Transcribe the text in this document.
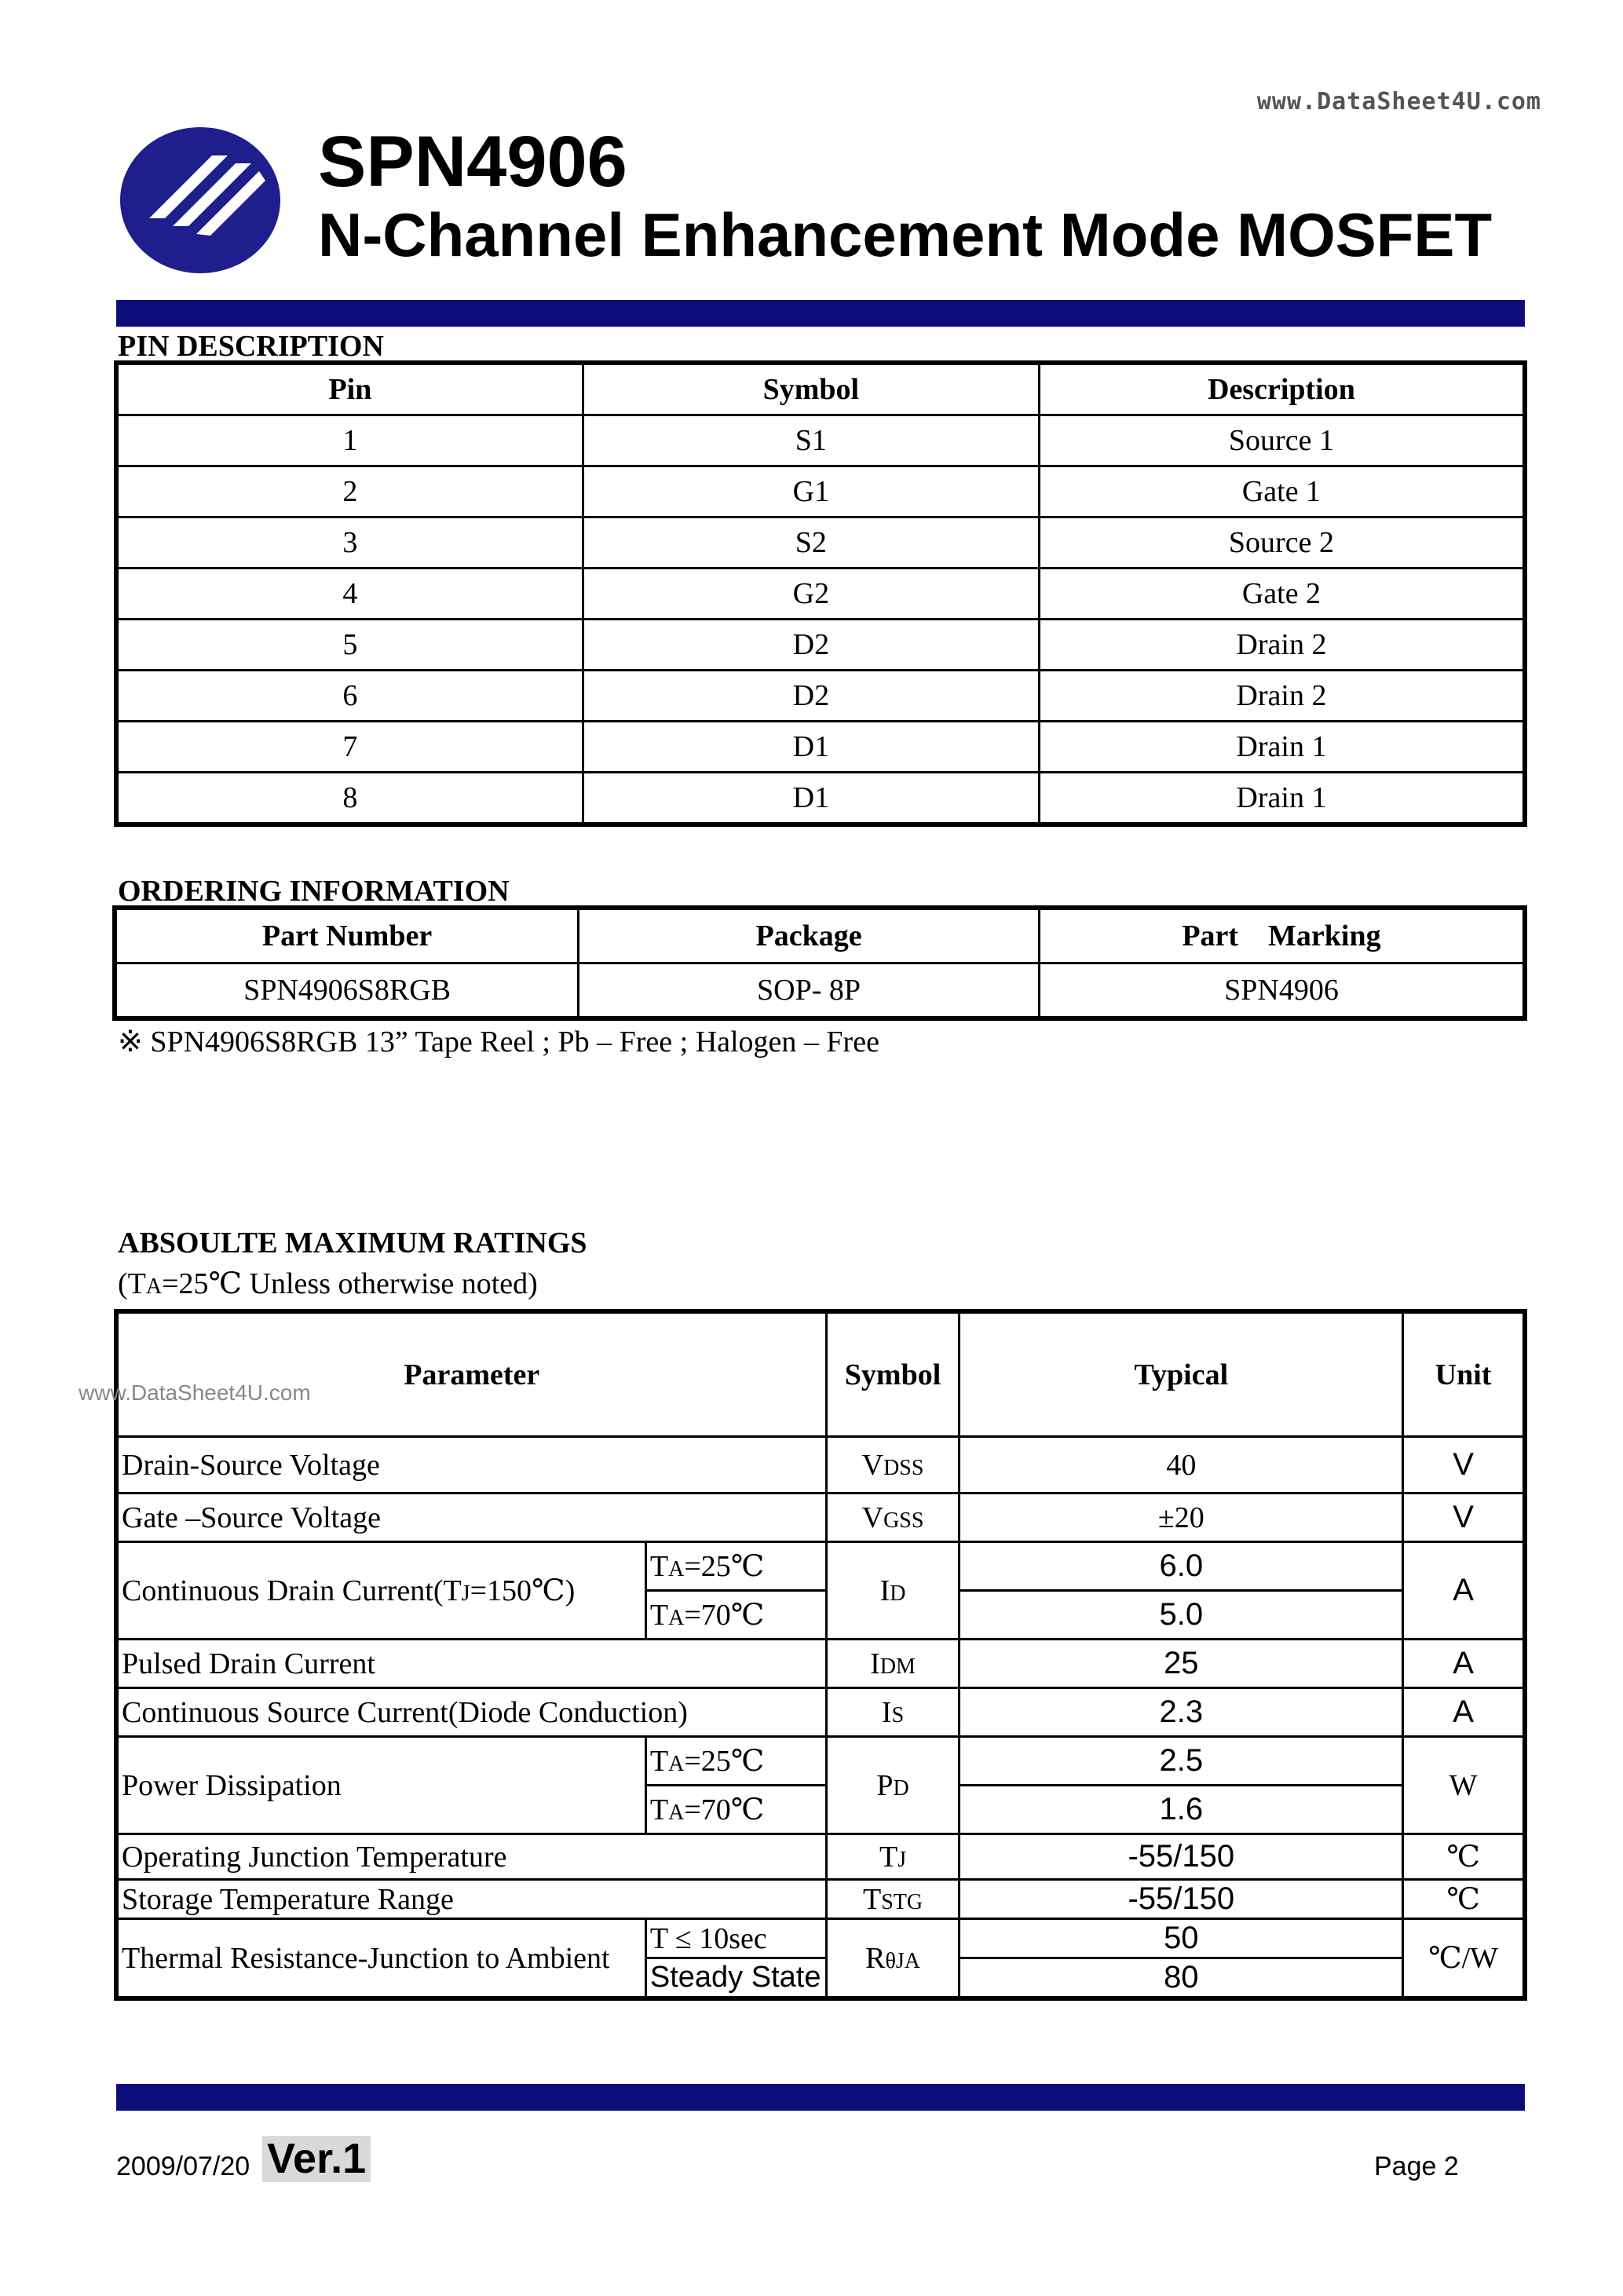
www.DataSheet4U.com
SPN4906
N-Channel Enhancement Mode MOSFET
PIN DESCRIPTION
Pin	Symbol	Description
1	S1	Source 1
2	G1	Gate 1
3	S2	Source 2
4	G2	Gate 2
5	D2	Drain 2
6	D2	Drain 2
7	D1	Drain 1
8	D1	Drain 1
ORDERING INFORMATION
Part Number	Package	Part    Marking
SPN4906S8RGB	SOP- 8P	SPN4906
※ SPN4906S8RGB 13” Tape Reel ; Pb – Free ; Halogen – Free
ABSOULTE MAXIMUM RATINGS
(TA=25℃ Unless otherwise noted)
Parameter		Symbol	Typical	Unit
Drain-Source Voltage		VDSS	40	V
Gate –Source Voltage		VGSS	±20	V
Continuous Drain Current(TJ=150℃)	TA=25℃	ID	6.0	A
	TA=70℃		5.0	
Pulsed Drain Current		IDM	25	A
Continuous Source Current(Diode Conduction)		IS	2.3	A
Power Dissipation	TA=25℃	PD	2.5	W
	TA=70℃		1.6	
Operating Junction Temperature		TJ	-55/150	℃
Storage Temperature Range		TSTG	-55/150	℃
Thermal Resistance-Junction to Ambient	T ≤ 10sec	RθJA	50	℃/W
	Steady State		80	
www.DataSheet4U.com
2009/07/20 Ver.1	Page 2
